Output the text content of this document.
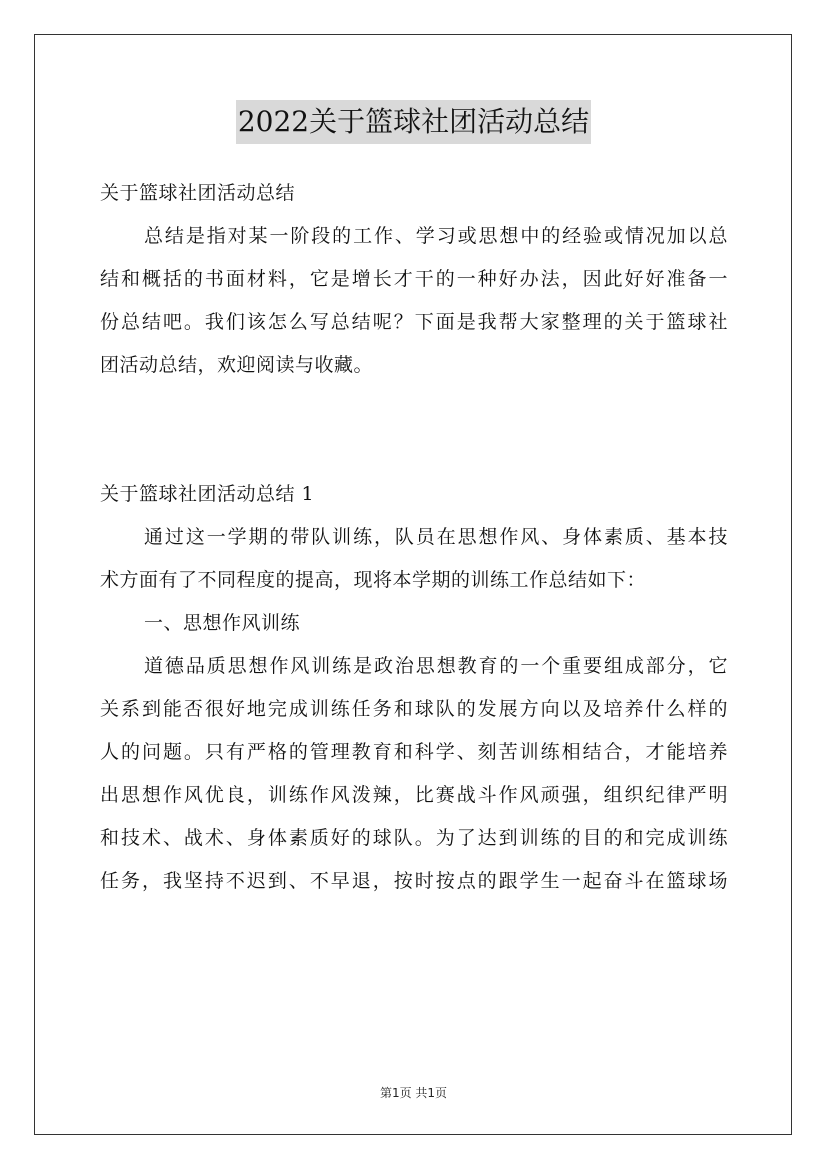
2022关于篮球社团活动总结
关于篮球社团活动总结
总结是指对某一阶段的工作、学习或思想中的经验或情况加以总
结和概括的书面材料，它是增长才干的一种好办法，因此好好准备一
份总结吧。我们该怎么写总结呢？下面是我帮大家整理的关于篮球社
团活动总结，欢迎阅读与收藏。
关于篮球社团活动总结 1
通过这一学期的带队训练，队员在思想作风、身体素质、基本技
术方面有了不同程度的提高，现将本学期的训练工作总结如下：
一、思想作风训练
道德品质思想作风训练是政治思想教育的一个重要组成部分，它
关系到能否很好地完成训练任务和球队的发展方向以及培养什么样的
人的问题。只有严格的管理教育和科学、刻苦训练相结合，才能培养
出思想作风优良，训练作风泼辣，比赛战斗作风顽强，组织纪律严明
和技术、战术、身体素质好的球队。为了达到训练的目的和完成训练
任务，我坚持不迟到、不早退，按时按点的跟学生一起奋斗在篮球场
第1页 共1页
